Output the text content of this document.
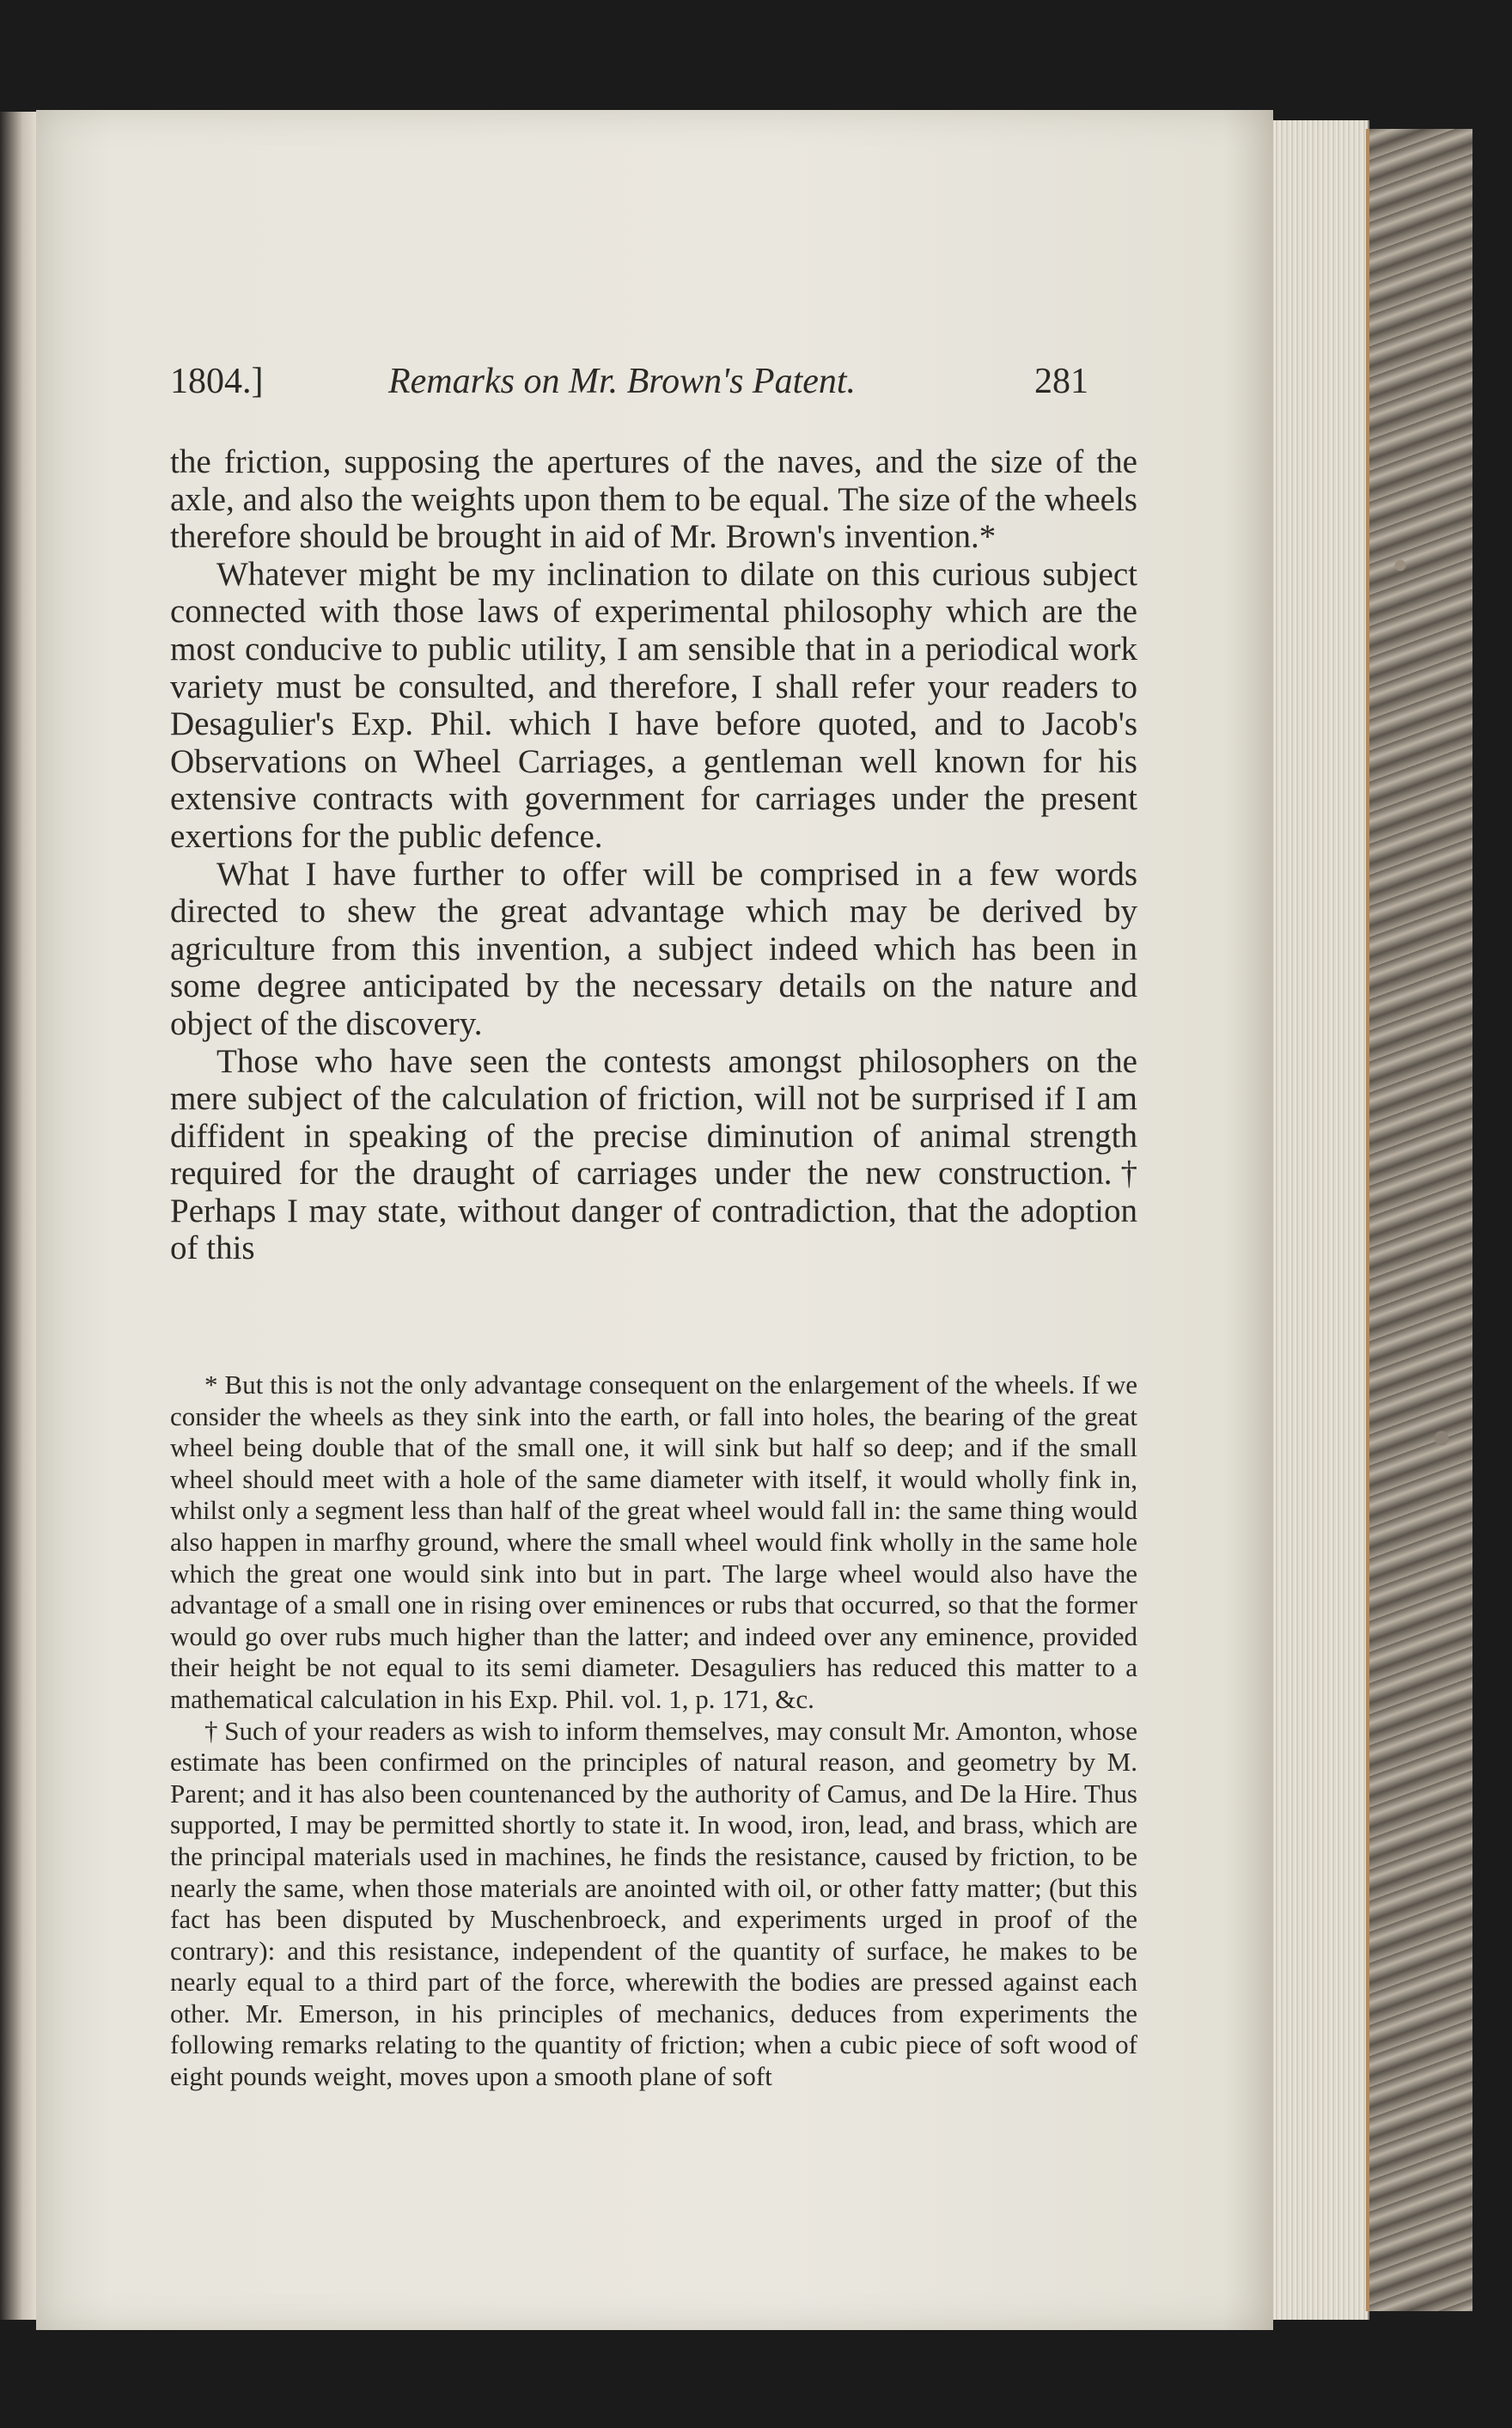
1804.]	Remarks on Mr. Brown's Patent.	281

the friction, supposing the apertures of the naves, and the size of the axle, and also the weights upon them to be equal. The size of the wheels therefore should be brought in aid of Mr. Brown's invention.*

Whatever might be my inclination to dilate on this curious subject connected with those laws of experimental philosophy which are the most conducive to public utility, I am sensible that in a periodical work variety must be consulted, and therefore, I shall refer your readers to Desagulier's Exp. Phil. which I have before quoted, and to Jacob's Observations on Wheel Carriages, a gentleman well known for his extensive contracts with government for carriages under the present exertions for the public defence.

What I have further to offer will be comprised in a few words directed to shew the great advantage which may be derived by agriculture from this invention, a subject indeed which has been in some degree anticipated by the necessary details on the nature and object of the discovery.

Those who have seen the contests amongst philosophers on the mere subject of the calculation of friction, will not be surprised if I am diffident in speaking of the precise diminution of animal strength required for the draught of carriages under the new construction.† Perhaps I may state, without danger of contradiction, that the adoption of this

* But this is not the only advantage consequent on the enlargement of the wheels. If we consider the wheels as they sink into the earth, or fall into holes, the bearing of the great wheel being double that of the small one, it will sink but half so deep; and if the small wheel should meet with a hole of the same diameter with itself, it would wholly fink in, whilst only a segment less than half of the great wheel would fall in: the same thing would also happen in marfhy ground, where the small wheel would fink wholly in the same hole which the great one would sink into but in part. The large wheel would also have the advantage of a small one in rising over eminences or rubs that occurred, so that the former would go over rubs much higher than the latter; and indeed over any eminence, provided their height be not equal to its semi diameter. Desaguliers has reduced this matter to a mathematical calculation in his Exp. Phil. vol. 1, p. 171, &c.

† Such of your readers as wish to inform themselves, may consult Mr. Amonton, whose estimate has been confirmed on the principles of natural reason, and geometry by M. Parent; and it has also been countenanced by the authority of Camus, and De la Hire. Thus supported, I may be permitted shortly to state it. In wood, iron, lead, and brass, which are the principal materials used in machines, he finds the resistance, caused by friction, to be nearly the same, when those materials are anointed with oil, or other fatty matter; (but this fact has been disputed by Muschenbroeck, and experiments urged in proof of the contrary): and this resistance, independent of the quantity of surface, he makes to be nearly equal to a third part of the force, wherewith the bodies are pressed against each other. Mr. Emerson, in his principles of mechanics, deduces from experiments the following remarks relating to the quantity of friction; when a cubic piece of soft wood of eight pounds weight, moves upon a smooth plane of soft
